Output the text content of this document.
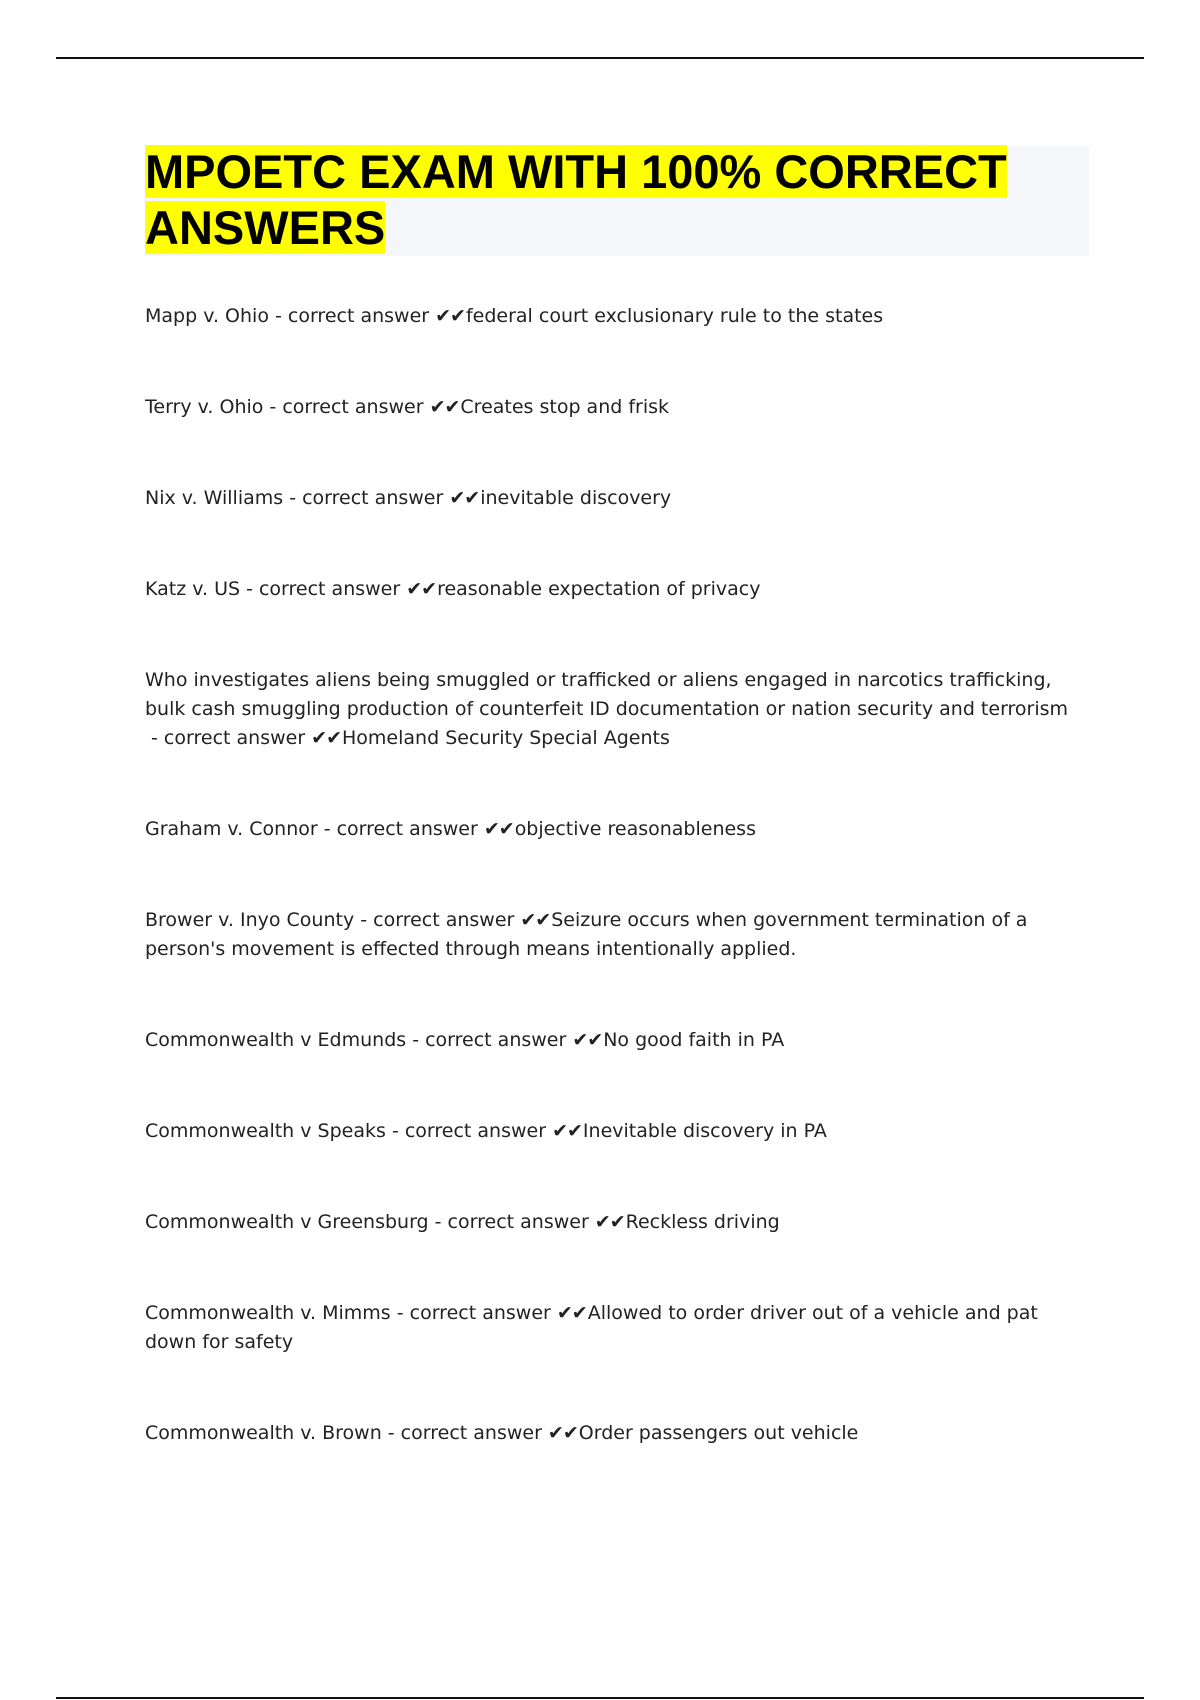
MPOETC EXAM WITH 100% CORRECT ANSWERS
Mapp v. Ohio - correct answer ✔✔federal court exclusionary rule to the states
Terry v. Ohio - correct answer ✔✔Creates stop and frisk
Nix v. Williams - correct answer ✔✔inevitable discovery
Katz v. US - correct answer ✔✔reasonable expectation of privacy
Who investigates aliens being smuggled or trafficked or aliens engaged in narcotics trafficking, bulk cash smuggling production of counterfeit ID documentation or nation security and terrorism - correct answer ✔✔Homeland Security Special Agents
Graham v. Connor - correct answer ✔✔objective reasonableness
Brower v. Inyo County - correct answer ✔✔Seizure occurs when government termination of a person's movement is effected through means intentionally applied.
Commonwealth v Edmunds - correct answer ✔✔No good faith in PA
Commonwealth v Speaks - correct answer ✔✔Inevitable discovery in PA
Commonwealth v Greensburg - correct answer ✔✔Reckless driving
Commonwealth v. Mimms - correct answer ✔✔Allowed to order driver out of a vehicle and pat down for safety
Commonwealth v. Brown - correct answer ✔✔Order passengers out vehicle
